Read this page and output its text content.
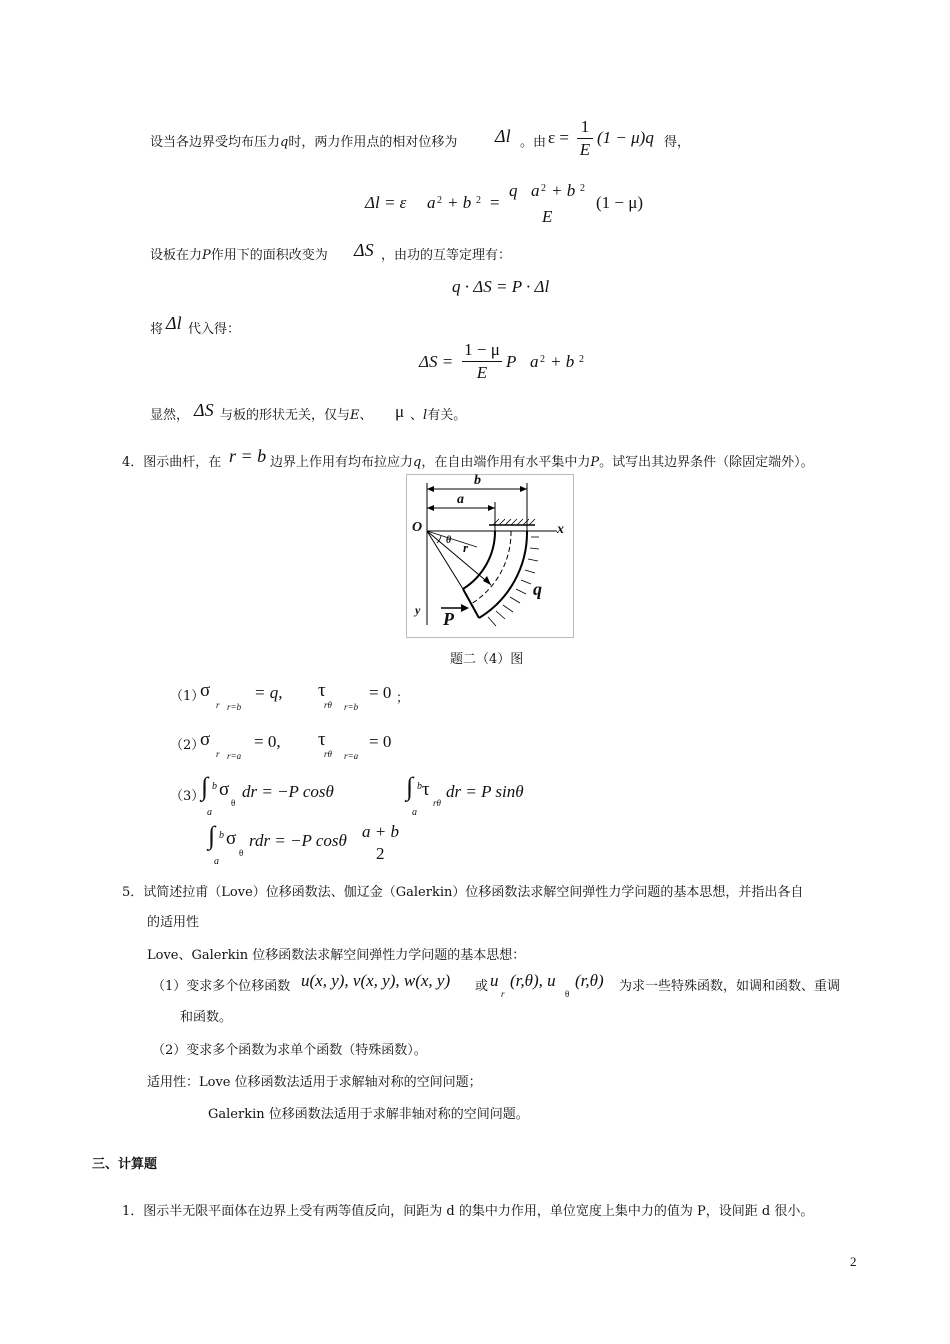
设当各边界受均布压力q时，两力作用点的相对位移为 Δl 。由 ε =
1
E
(1 − μ)q 得，
Δl = ε a 2 + b 2 =
q a 2 + b 2
E
(1 − μ)
设板在力P作用下的面积改变为 ΔS ，由功的互等定理有：
q · ΔS = P · Δl
将 Δl 代入得：
ΔS =
1 − μ
E
P a 2 + b 2
显然， ΔS 与板的形状无关，仅与E、 μ 、l有关。
4．图示曲杆，在 r = b 边界上作用有均布拉应力q，在自由端作用有水平集中力P。试写出其边界条件（除固定端外）。
b
a
O	x
y
r
θ
q
P
题二（4）图
（1）
σ
r r=b
= q, τ
rθ r=b
= 0 ；
（2）
σ
r r=a
= 0, τ
rθ r=a
= 0
（3）
∫ b
a
σ
θ
dr = −P cosθ	∫ b
a
τ
rθ
dr = P sinθ
∫ b
a
σ
θ
rdr = −P cosθ a + b
2
5．试简述拉甫（Love）位移函数法、伽辽金（Galerkin）位移函数法求解空间弹性力学问题的基本思想，并指出各自
的适用性
Love、Galerkin 位移函数法求解空间弹性力学问题的基本思想：
（1）变求多个位移函数 u(x, y), v(x, y), w(x, y) 或 u
r
(r,θ), u
θ
(r,θ) 为求一些特殊函数，如调和函数、重调
和函数。
（2）变求多个函数为求单个函数（特殊函数）。
适用性：Love 位移函数法适用于求解轴对称的空间问题；
Galerkin 位移函数法适用于求解非轴对称的空间问题。
三、计算题
1．图示半无限平面体在边界上受有两等值反向，间距为 d 的集中力作用，单位宽度上集中力的值为 P，设间距 d 很小。
2
